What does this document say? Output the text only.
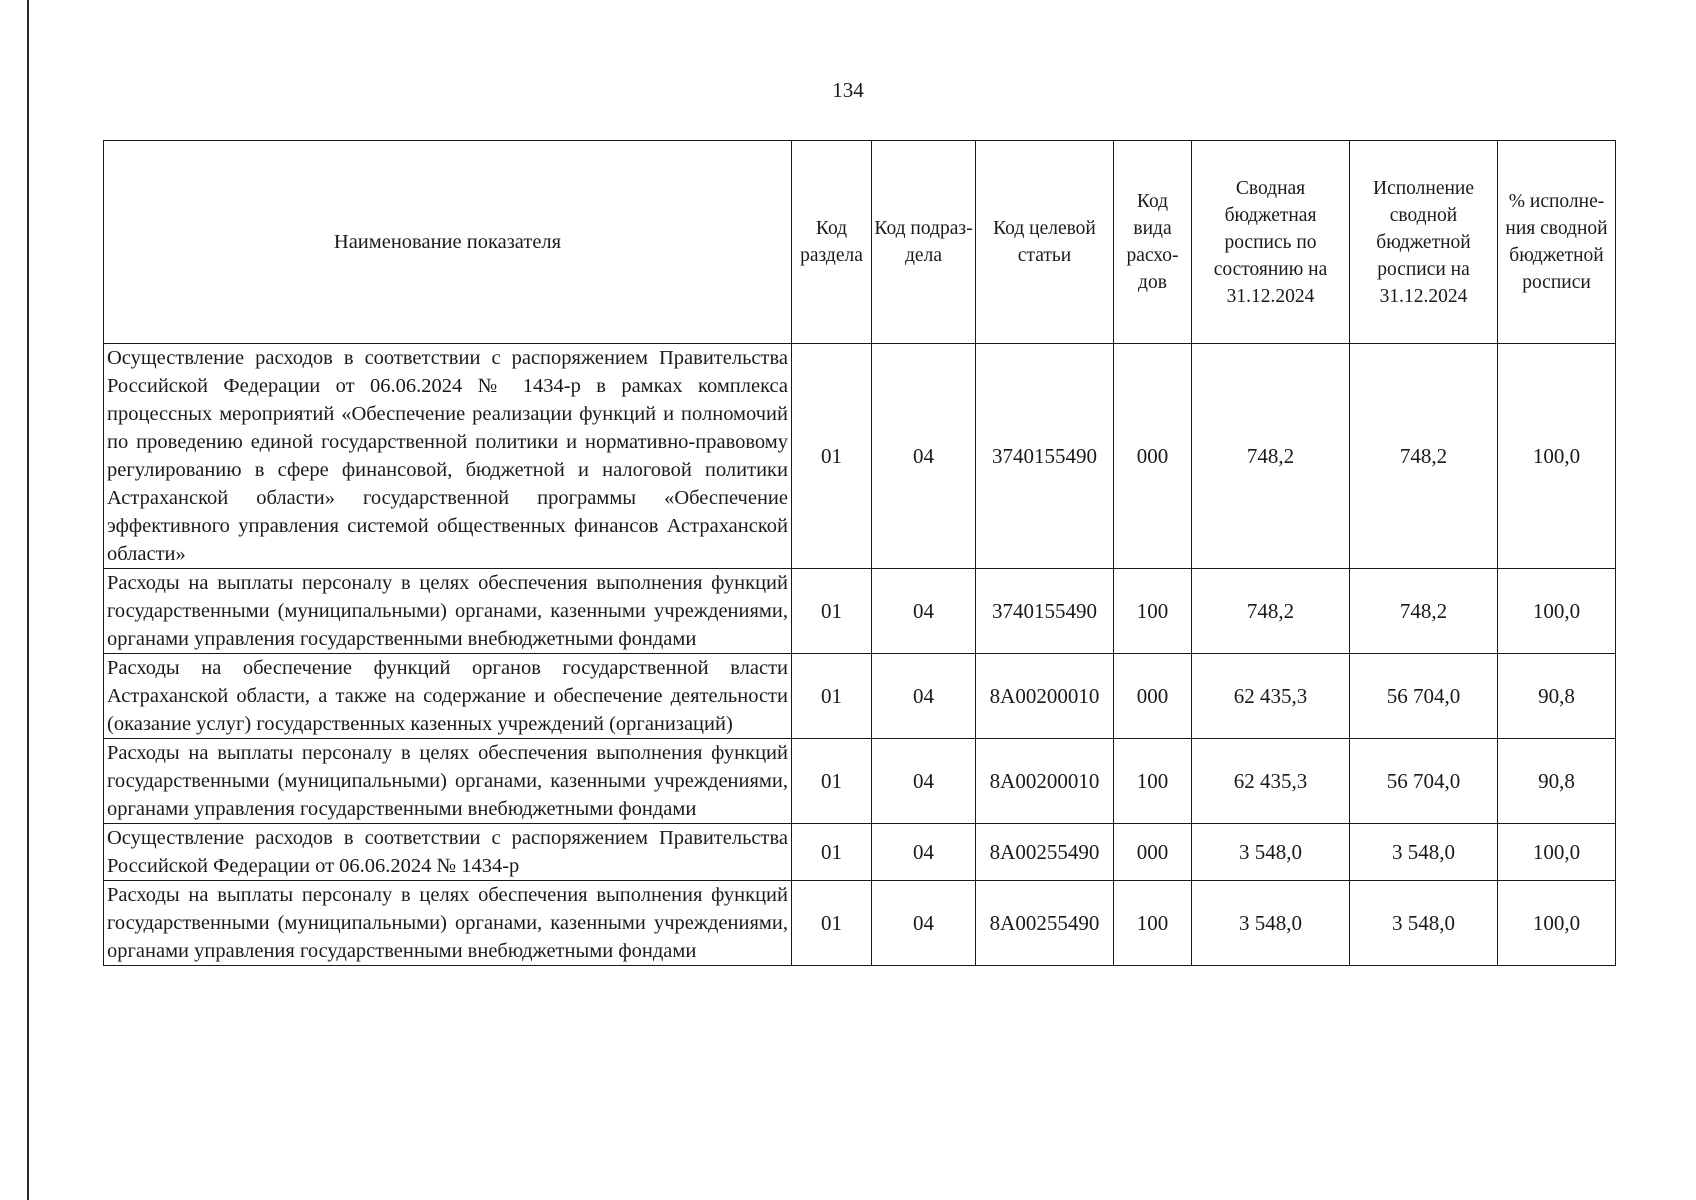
134
Наименование показателя	Код раздела	Код подраздела	Код целевой статьи	Код вида расходов	Сводная бюджетная роспись по состоянию на 31.12.2024	Исполнение сводной бюджетной росписи на 31.12.2024	% исполнения сводной бюджетной росписи
Осуществление расходов в соответствии с распоряжением Правительства Российской Федерации от 06.06.2024 № 1434-р в рамках комплекса процессных мероприятий «Обеспечение реализации функций и полномочий по проведению единой государственной политики и нормативно-правовому регулированию в сфере финансовой, бюджетной и налоговой политики Астраханской области» государственной программы «Обеспечение эффективного управления системой общественных финансов Астраханской области»	01	04	3740155490	000	748,2	748,2	100,0
Расходы на выплаты персоналу в целях обеспечения выполнения функций государственными (муниципальными) органами, казенными учреждениями, органами управления государственными внебюджетными фондами	01	04	3740155490	100	748,2	748,2	100,0
Расходы на обеспечение функций органов государственной власти Астраханской области, а также на содержание и обеспечение деятельности (оказание услуг) государственных казенных учреждений (организаций)	01	04	8А00200010	000	62 435,3	56 704,0	90,8
Расходы на выплаты персоналу в целях обеспечения выполнения функций государственными (муниципальными) органами, казенными учреждениями, органами управления государственными внебюджетными фондами	01	04	8А00200010	100	62 435,3	56 704,0	90,8
Осуществление расходов в соответствии с распоряжением Правительства Российской Федерации от 06.06.2024 № 1434-р	01	04	8А00255490	000	3 548,0	3 548,0	100,0
Расходы на выплаты персоналу в целях обеспечения выполнения функций государственными (муниципальными) органами, казенными учреждениями, органами управления государственными внебюджетными фондами	01	04	8А00255490	100	3 548,0	3 548,0	100,0
